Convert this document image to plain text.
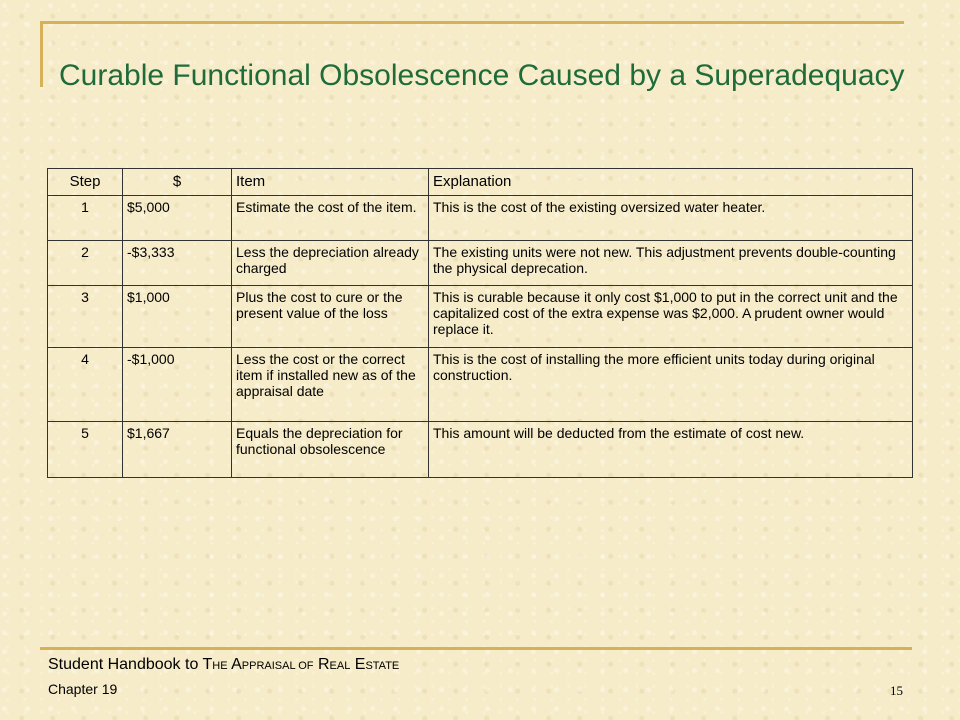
Curable Functional Obsolescence Caused by a Superadequacy
Step	$	Item	Explanation
1	$5,000	Estimate the cost of the item.	This is the cost of the existing oversized water heater.
2	-$3,333	Less the depreciation already charged	The existing units were not new. This adjustment prevents double-counting the physical deprecation.
3	$1,000	Plus the cost to cure or the present value of the loss	This is curable because it only cost $1,000 to put in the correct unit and the capitalized cost of the extra expense was $2,000. A prudent owner would replace it.
4	-$1,000	Less the cost or the correct item if installed new as of the appraisal date	This is the cost of installing the more efficient units today during original construction.
5	$1,667	Equals the depreciation for functional obsolescence	This amount will be deducted from the estimate of cost new.
Student Handbook to THE APPRAISAL OF REAL ESTATE
Chapter 19	15
